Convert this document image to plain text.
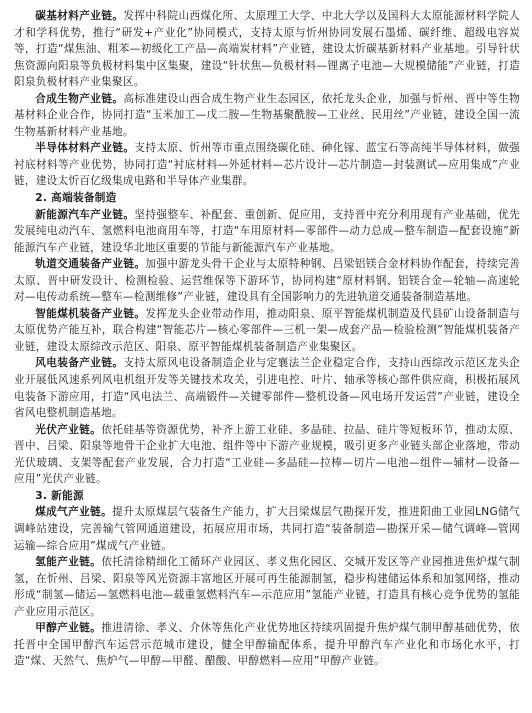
碳基材料产业链。发挥中科院山西煤化所、太原理工大学、中北大学以及国科大太原能源材料学院人才和学科优势，推行“研发+产业化”协同模式，支持太原与忻州协同发展石墨烯、碳纤维、超级电容炭等，打造“煤焦油、粗苯—初级化工产品—高端炭材料”产业链，建设太忻碳基新材料产业基地。引导针状焦资源向阳泉等负极材料集中区集聚，建设“针状焦—负极材料—锂离子电池—大规模储能”产业链，打造阳泉负极材料产业集聚区。

合成生物产业链。高标准建设山西合成生物产业生态园区，依托龙头企业，加强与忻州、晋中等生物基材料企业合作，协同打造“玉米加工—戊二胺—生物基聚酰胺—工业丝、民用丝”产业链，建设全国一流生物基新材料产业基地。

半导体材料产业链。支持太原、忻州等市重点围绕碳化硅、砷化镓、蓝宝石等高纯半导体材料，做强衬底材料等产业优势，协同打造“衬底材料—外延材料—芯片设计—芯片制造—封装测试—应用集成”产业链，建设太忻百亿级集成电路和半导体产业集群。

2. 高端装备制造

新能源汽车产业链。坚持强整车、补配套、重创新、促应用，支持晋中充分利用现有产业基础，优先发展纯电动汽车、氢燃料电池商用车等，打造“车用原材料—零部件—动力总成—整车制造—配套设施”新能源汽车产业链，建设华北地区重要的节能与新能源汽车产业基地。

轨道交通装备产业链。加强中游龙头骨干企业与太原特种钢、吕梁铝镁合金材料协作配套，持续完善太原、晋中研发设计、检测检验、运营维保等下游环节，协同构建“原材料钢、铝镁合金—轮轴—高速轮对—电传动系统—整车—检测维修”产业链，建设具有全国影响力的先进轨道交通装备制造基地。

智能煤机装备产业链。发挥龙头企业带动作用，推动阳泉、原平智能煤机制造及代县矿山设备制造与太原优势产能互补，联合构建“智能芯片—核心零部件—三机一架—成套产品—检验检测”智能煤机装备产业链，建设太原综改示范区、阳泉、原平智能煤机装备制造产业集聚区。

风电装备产业链。支持太原风电设备制造企业与定襄法兰企业稳定合作，支持山西综改示范区龙头企业开展低风速系列风电机组开发等关键技术攻关，引进电控、叶片、轴承等核心部件供应商，积极拓展风电装备下游应用，打造“风电法兰、高端锻件—关键零部件—整机设备—风电场开发运营”产业链，建设全省风电整机制造基地。

光伏产业链。依托硅基等资源优势，补齐上游工业硅、多晶硅、拉晶、硅片等短板环节，推动太原、晋中、吕梁、阳泉等地骨干企业扩大电池、组件等中下游产业规模，吸引更多产业链头部企业落地，带动光伏玻璃、支架等配套产业发展，合力打造“工业硅—多晶硅—拉棒—切片—电池—组件—辅材—设备—应用”光伏产业链。

3. 新能源

煤成气产业链。提升太原煤层气装备生产能力，扩大吕梁煤层气勘探开发，推进阳曲工业园LNG储气调峰站建设，完善输气管网通道建设，拓展应用市场，共同打造“装备制造—勘探开采—储气调峰—管网运输—综合应用”煤成气产业链。

氢能产业链。依托清徐精细化工循环产业园区、孝义焦化园区、交城开发区等产业园推进焦炉煤气制氢，在忻州、吕梁、阳泉等风光资源丰富地区开展可再生能源制氢，稳步构建储运体系和加氢网络，推动形成“制氢—储运—氢燃料电池—载重氢燃料汽车—示范应用”氢能产业链，打造具有核心竞争优势的氢能产业应用示范区。

甲醇产业链。推进清徐、孝义、介休等焦化产业优势地区持续巩固提升焦炉煤气制甲醇基础优势，依托晋中全国甲醇汽车运营示范城市建设，健全甲醇输配体系，提升甲醇汽车产业化和市场化水平，打造“煤、天然气、焦炉气—甲醇—甲醛、醋酸、甲醇燃料—应用”甲醇产业链。
